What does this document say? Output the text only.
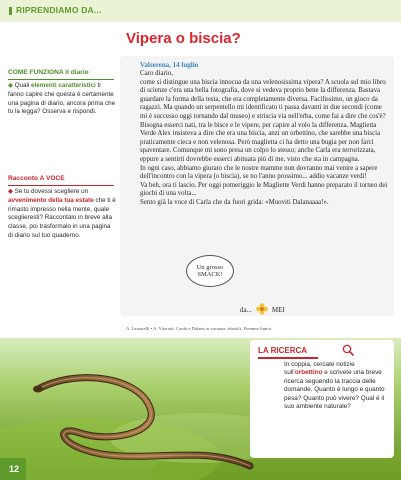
RIPRENDIAMO DA...
Vipera o biscia?
COME FUNZIONA il diario
◆ Quali elementi caratteristici ti fanno capire che questa è certamente una pagina di diario, ancora prima che tu la legga? Osserva e rispondi.
Racconto A VOCE
◆ Se tu dovessi scegliere un avvenimento della tua estate che ti è rimasto impresso nella mente, quale sceglieresti? Raccontalo in breve alla classe, poi trasformalo in una pagina di diario sul tuo quaderno.
Valserena, 14 luglio

Caro diario,

come si distingue una biscia innocua da una velenosissima vipera? A scuola sul mio libro di scienze c'era una bella fotografia, dove si vedeva proprio bene la differenza. Bastava guardare la forma della testa, che era completamente diversa. Facilissimo, un gioco da ragazzi. Ma quando un serpentello mi identificato ti passa davanti in due secondi (come mi è successo oggi tornando dal museo) e striscia via nell'erba, come fai a dire che cos'è?

Bisogna esserci nati, tra le bisce e le vipere, per capire al volo la differenza. Maglietta Verde Alex insisteva a dire che era una biscia, anzi un orbettino, che sarebbe una biscia praticamente cieca e non velenosa. Però maglietta ci ha detto una bugia per non farci spaventare. Comunque mi sono presa un colpo lo stesso; anche Carla era terrorizzata, eppure a sentirti dovrebbe esserci abituata più di me, visto che sta in campagna.

In ogni caso, abbiamo giurato che le nostre mamme non dovranno mai venire a sapere dell'incontro con la vipera (o biscia), se no l'anno prossimo... addio vacanze verdi!

Va beh, ora ti lascio. Per oggi pomeriggio le Magliette Verdi hanno preparato il torneo dei giochi di una volta...

Sento già la voce di Carla che da fuori grida: «Muoviti Dalanaaaa!».

Un grosso
SMACK!
da...	MEI
A. Lauratelli • A. Vitaretti, Cardo e Dalana in vacanza, ebook/t, Piemme Junior
LA RICERCA
In coppia, cercate notizie sull'orbettino e scrivete una breve ricerca seguendo la traccia delle domande. Quanto è lungo e quanto pesa? Quanto può vivere? Qual è il suo ambiente naturale?
12
